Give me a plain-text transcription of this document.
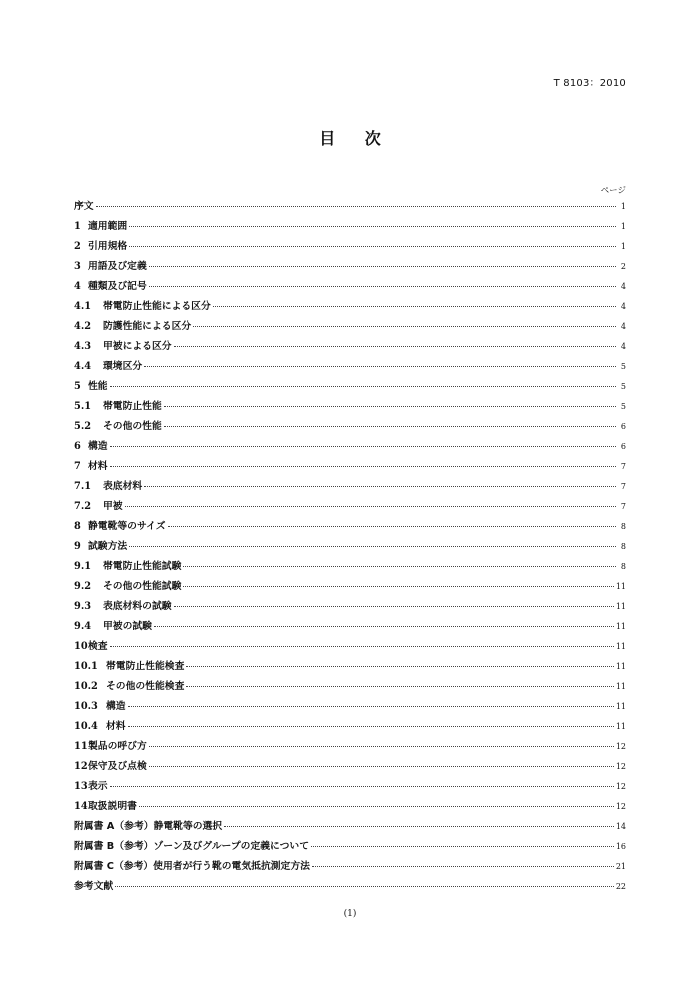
T 8103：2010
目 次
ページ
序文	1
1 適用範囲	1
2 引用規格	1
3 用語及び定義	2
4 種類及び記号	4
4.1	帯電防止性能による区分	4
4.2	防護性能による区分	4
4.3	甲被による区分	4
4.4	環境区分	5
5 性能	5
5.1	帯電防止性能	5
5.2	その他の性能	6
6 構造	6
7 材料	7
7.1	表底材料	7
7.2	甲被	7
8 静電靴等のサイズ	8
9 試験方法	8
9.1	帯電防止性能試験	8
9.2	その他の性能試験	11
9.3	表底材料の試験	11
9.4	甲被の試験	11
10 検査	11
10.1 帯電防止性能検査	11
10.2 その他の性能検査	11
10.3 構造	11
10.4 材料	11
11 製品の呼び方	12
12 保守及び点検	12
13 表示	12
14 取扱説明書	12
附属書 A（参考）静電靴等の選択	14
附属書 B（参考）ゾーン及びグループの定義について	16
附属書 C（参考）使用者が行う靴の電気抵抗測定方法	21
参考文献	22
(1)
